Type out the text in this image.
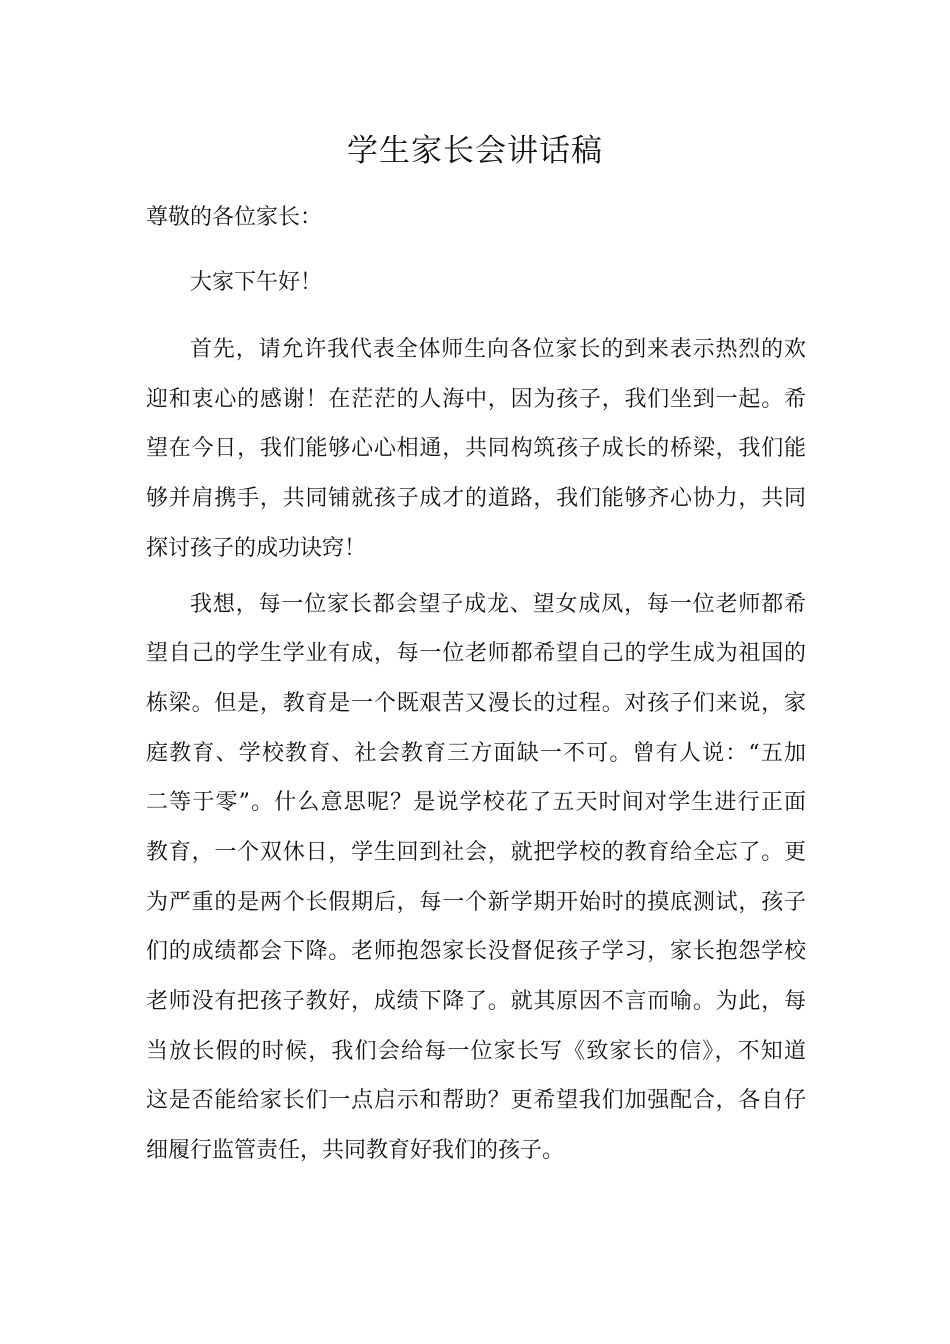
学生家长会讲话稿
尊敬的各位家长：
大家下午好！
首先，请允许我代表全体师生向各位家长的到来表示热烈的欢
迎和衷心的感谢！在茫茫的人海中，因为孩子，我们坐到一起。希
望在今日，我们能够心心相通，共同构筑孩子成长的桥梁，我们能
够并肩携手，共同铺就孩子成才的道路，我们能够齐心协力，共同
探讨孩子的成功诀窍！
我想，每一位家长都会望子成龙、望女成凤，每一位老师都希
望自己的学生学业有成，每一位老师都希望自己的学生成为祖国的
栋梁。但是，教育是一个既艰苦又漫长的过程。对孩子们来说，家
庭教育、学校教育、社会教育三方面缺一不可。曾有人说：“五加
二等于零”。什么意思呢？是说学校花了五天时间对学生进行正面
教育，一个双休日，学生回到社会，就把学校的教育给全忘了。更
为严重的是两个长假期后，每一个新学期开始时的摸底测试，孩子
们的成绩都会下降。老师抱怨家长没督促孩子学习，家长抱怨学校
老师没有把孩子教好，成绩下降了。就其原因不言而喻。为此，每
当放长假的时候，我们会给每一位家长写《致家长的信》，不知道
这是否能给家长们一点启示和帮助？更希望我们加强配合，各自仔
细履行监管责任，共同教育好我们的孩子。
